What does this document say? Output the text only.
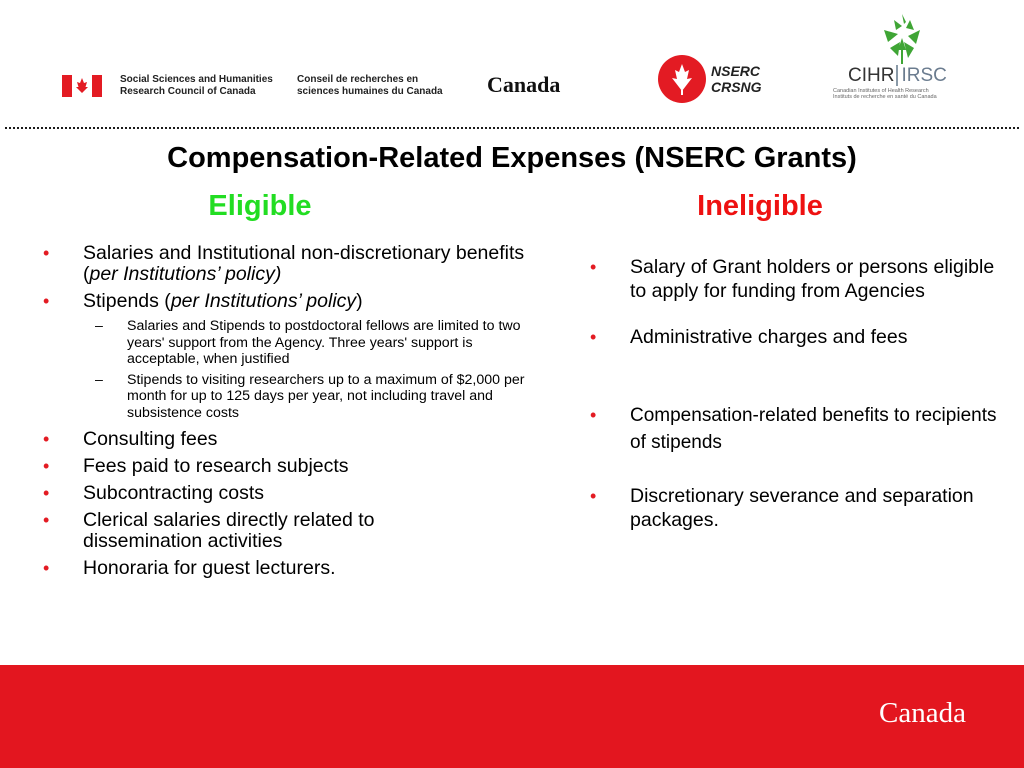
Social Sciences and Humanities
Research Council of Canada
Conseil de recherches en
sciences humaines du Canada Canada
NSERC
CRSNG
CIHR IRSC
Canadian Institutes of Health Research
Instituts de recherche en santé du Canada
Compensation-Related Expenses (NSERC Grants)
Eligible	Ineligible
• Salaries and Institutional non-discretionary benefits (per Institutions’ policy)
• Stipends (per Institutions’ policy)
– Salaries and Stipends to postdoctoral fellows are limited to two years' support from the Agency. Three years' support is acceptable, when justified
– Stipends to visiting researchers up to a maximum of $2,000 per month for up to 125 days per year, not including travel and subsistence costs
• Consulting fees
• Fees paid to research subjects
• Subcontracting costs
• Clerical salaries directly related to dissemination activities
• Honoraria for guest lecturers.
• Salary of Grant holders or persons eligible to apply for funding from Agencies
• Administrative charges and fees
• Compensation-related benefits to recipients of stipends
• Discretionary severance and separation packages.
Canada
